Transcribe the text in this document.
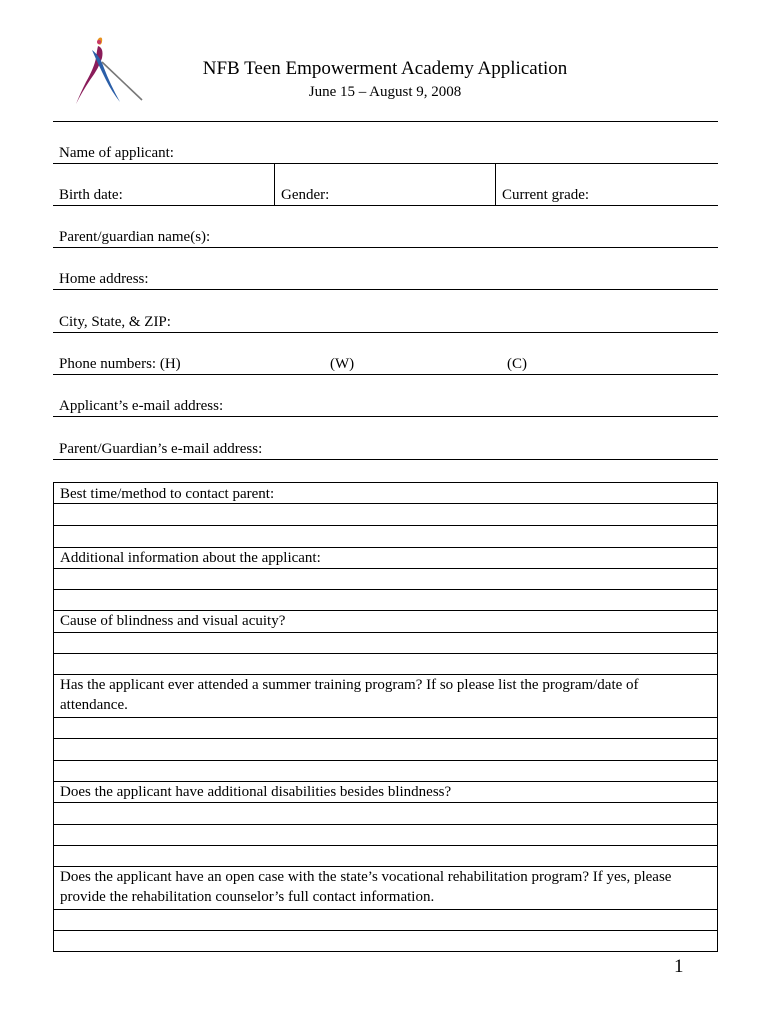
NFB Teen Empowerment Academy Application
June 15 – August 9, 2008
Name of applicant:
Birth date:	Gender:	Current grade:
Parent/guardian name(s):
Home address:
City, State, & ZIP:
Phone numbers: (H)	(W)	(C)
Applicant’s e-mail address:
Parent/Guardian’s e-mail address:
Best time/method to contact parent:
Additional information about the applicant:
Cause of blindness and visual acuity?
Has the applicant ever attended a summer training program? If so please list the program/date of attendance.
Does the applicant have additional disabilities besides blindness?
Does the applicant have an open case with the state’s vocational rehabilitation program? If yes, please provide the rehabilitation counselor’s full contact information.
1
